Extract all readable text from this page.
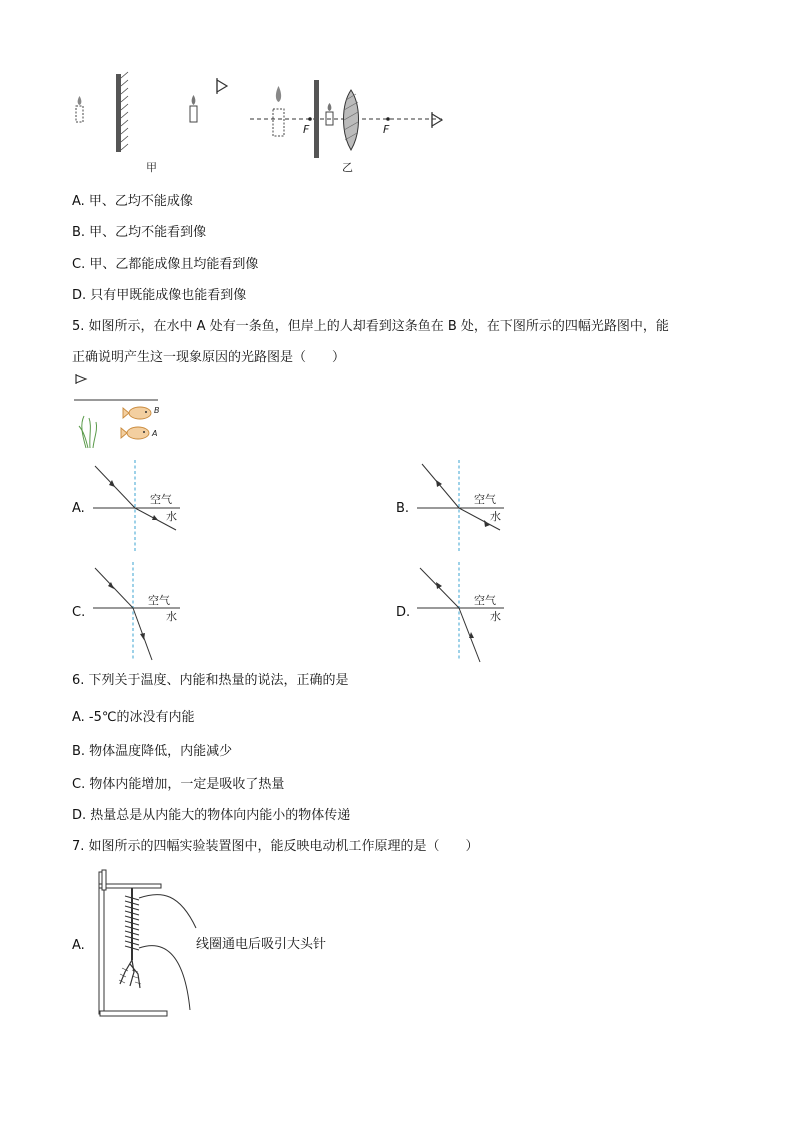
甲
F	F
乙
A. 甲、乙均不能成像
B. 甲、乙均不能看到像
C. 甲、乙都能成像且均能看到像
D. 只有甲既能成像也能看到像
5. 如图所示，在水中 A 处有一条鱼，但岸上的人却看到这条鱼在 B 处，在下图所示的四幅光路图中，能
正确说明产生这一现象原因的光路图是（　　）
B
A
A.
空气
水
B.
空气
水
C.
空气
水	D.
空气
水
6. 下列关于温度、内能和热量的说法，正确的是
A. -5℃的冰没有内能
B. 物体温度降低，内能减少
C. 物体内能增加，一定是吸收了热量
D. 热量总是从内能大的物体向内能小的物体传递
7. 如图所示的四幅实验装置图中，能反映电动机工作原理的是（　　）
A.	线圈通电后吸引大头针
